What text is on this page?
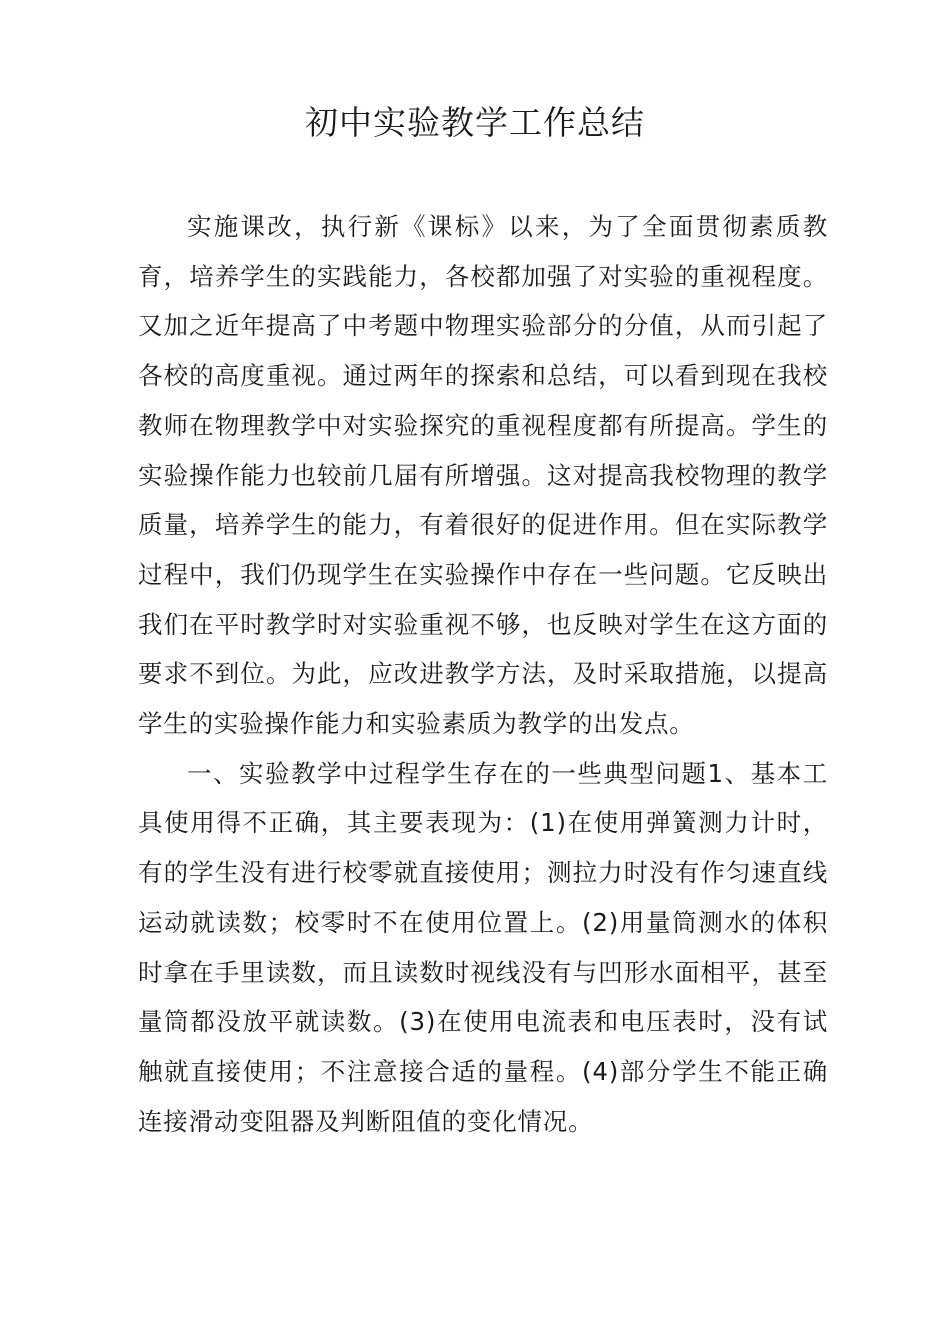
初中实验教学工作总结

实施课改，执行新《课标》以来，为了全面贯彻素质教育，培养学生的实践能力，各校都加强了对实验的重视程度。又加之近年提高了中考题中物理实验部分的分值，从而引起了各校的高度重视。通过两年的探索和总结，可以看到现在我校教师在物理教学中对实验探究的重视程度都有所提高。学生的实验操作能力也较前几届有所增强。这对提高我校物理的教学质量，培养学生的能力，有着很好的促进作用。但在实际教学过程中，我们仍现学生在实验操作中存在一些问题。它反映出我们在平时教学时对实验重视不够，也反映对学生在这方面的要求不到位。为此，应改进教学方法，及时采取措施，以提高学生的实验操作能力和实验素质为教学的出发点。

一、实验教学中过程学生存在的一些典型问题1、基本工具使用得不正确，其主要表现为：(1)在使用弹簧测力计时，有的学生没有进行校零就直接使用；测拉力时没有作匀速直线运动就读数；校零时不在使用位置上。(2)用量筒测水的体积时拿在手里读数，而且读数时视线没有与凹形水面相平，甚至量筒都没放平就读数。(3)在使用电流表和电压表时，没有试触就直接使用；不注意接合适的量程。(4)部分学生不能正确连接滑动变阻器及判断阻值的变化情况。
